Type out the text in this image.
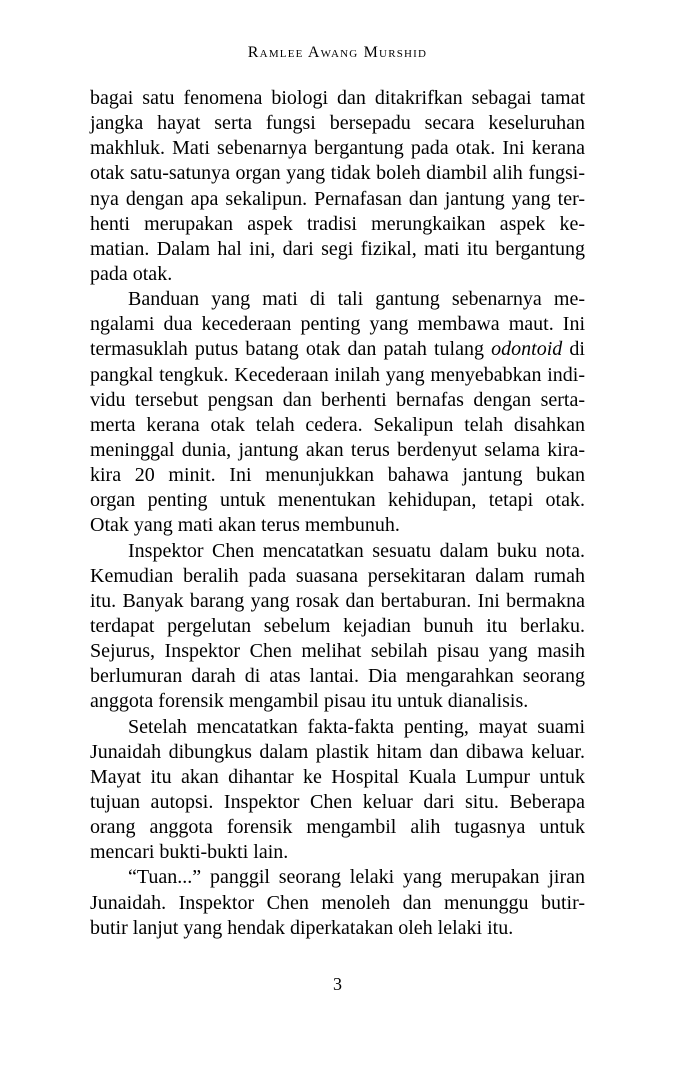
Ramlee Awang Murshid
bagai satu fenomena biologi dan ditakrifkan sebagai tamat
jangka hayat serta fungsi bersepadu secara keseluruhan
makhluk. Mati sebenarnya bergantung pada otak. Ini kerana
otak satu-satunya organ yang tidak boleh diambil alih fungsi-
nya dengan apa sekalipun. Pernafasan dan jantung yang ter-
henti merupakan aspek tradisi merungkaikan aspek ke-
matian. Dalam hal ini, dari segi fizikal, mati itu bergantung
pada otak.
Banduan yang mati di tali gantung sebenarnya me-
ngalami dua kecederaan penting yang membawa maut. Ini
termasuklah putus batang otak dan patah tulang odontoid di
pangkal tengkuk. Kecederaan inilah yang menyebabkan indi-
vidu tersebut pengsan dan berhenti bernafas dengan serta-
merta kerana otak telah cedera. Sekalipun telah disahkan
meninggal dunia, jantung akan terus berdenyut selama kira-
kira 20 minit. Ini menunjukkan bahawa jantung bukan
organ penting untuk menentukan kehidupan, tetapi otak.
Otak yang mati akan terus membunuh.
Inspektor Chen mencatatkan sesuatu dalam buku nota.
Kemudian beralih pada suasana persekitaran dalam rumah
itu. Banyak barang yang rosak dan bertaburan. Ini bermakna
terdapat pergelutan sebelum kejadian bunuh itu berlaku.
Sejurus, Inspektor Chen melihat sebilah pisau yang masih
berlumuran darah di atas lantai. Dia mengarahkan seorang
anggota forensik mengambil pisau itu untuk dianalisis.
Setelah mencatatkan fakta-fakta penting, mayat suami
Junaidah dibungkus dalam plastik hitam dan dibawa keluar.
Mayat itu akan dihantar ke Hospital Kuala Lumpur untuk
tujuan autopsi. Inspektor Chen keluar dari situ. Beberapa
orang anggota forensik mengambil alih tugasnya untuk
mencari bukti-bukti lain.
“Tuan...” panggil seorang lelaki yang merupakan jiran
Junaidah. Inspektor Chen menoleh dan menunggu butir-
butir lanjut yang hendak diperkatakan oleh lelaki itu.
3
